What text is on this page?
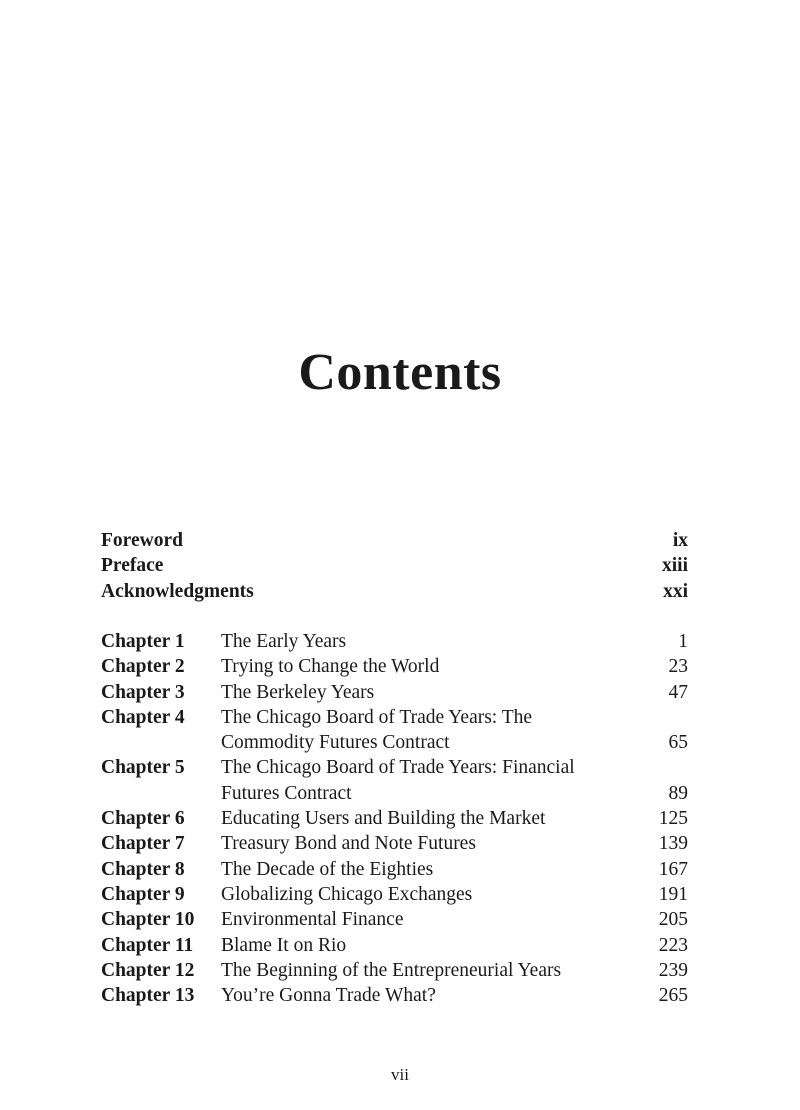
Contents
Foreword	ix
Preface	xiii
Acknowledgments	xxi
Chapter 1	The Early Years	1
Chapter 2	Trying to Change the World	23
Chapter 3	The Berkeley Years	47
Chapter 4	The Chicago Board of Trade Years: The
Commodity Futures Contract	65
Chapter 5	The Chicago Board of Trade Years: Financial
Futures Contract	89
Chapter 6	Educating Users and Building the Market	125
Chapter 7	Treasury Bond and Note Futures	139
Chapter 8	The Decade of the Eighties	167
Chapter 9	Globalizing Chicago Exchanges	191
Chapter 10	Environmental Finance	205
Chapter 11	Blame It on Rio	223
Chapter 12	The Beginning of the Entrepreneurial Years	239
Chapter 13	You’re Gonna Trade What?	265
vii
